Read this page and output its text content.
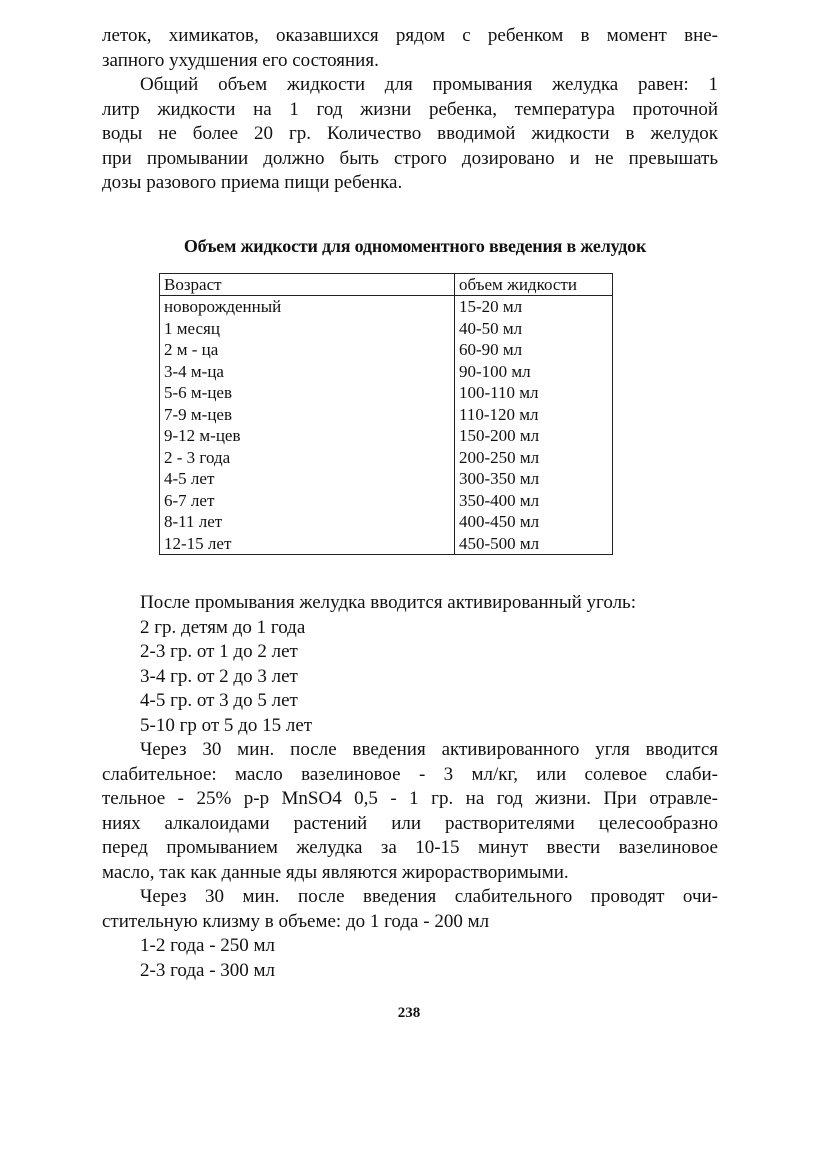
леток, химикатов, оказавшихся рядом с ребенком в момент вне-
запного ухудшения его состояния.

Общий объем жидкости для промывания желудка равен: 1
литр жидкости на 1 год жизни ребенка, температура проточной
воды не более 20 гр. Количество вводимой жидкости в желудок
при промывании должно быть строго дозировано и не превышать
дозы разового приема пищи ребенка.

Объем жидкости для одномоментного введения в желудок
Возраст	объем жидкости
новорожденный	15-20 мл
1 месяц	40-50 мл
2 м - ца	60-90 мл
3-4 м-ца	90-100 мл
5-6 м-цев	100-110 мл
7-9 м-цев	110-120 мл
9-12 м-цев	150-200 мл
2 - 3 года	200-250 мл
4-5 лет	300-350 мл
6-7 лет	350-400 мл
8-11 лет	400-450 мл
12-15 лет	450-500 мл
После промывания желудка вводится активированный уголь:
2 гр. детям до 1 года
2-3 гр. от 1 до 2 лет
3-4 гр. от 2 до 3 лет
4-5 гр. от 3 до 5 лет
5-10 гр от 5 до 15 лет

Через 30 мин. после введения активированного угля вводится
слабительное: масло вазелиновое - 3 мл/кг, или солевое слаби-
тельное - 25% р-р MnSO4 0,5 - 1 гр. на год жизни. При отравле-
ниях алкалоидами растений или растворителями целесообразно
перед промыванием желудка за 10-15 минут ввести вазелиновое
масло, так как данные яды являются жирорастворимыми.

Через 30 мин. после введения слабительного проводят очи-
стительную клизму в объеме: до 1 года - 200 мл

1-2 года - 250 мл
2-3 года - 300 мл
238
